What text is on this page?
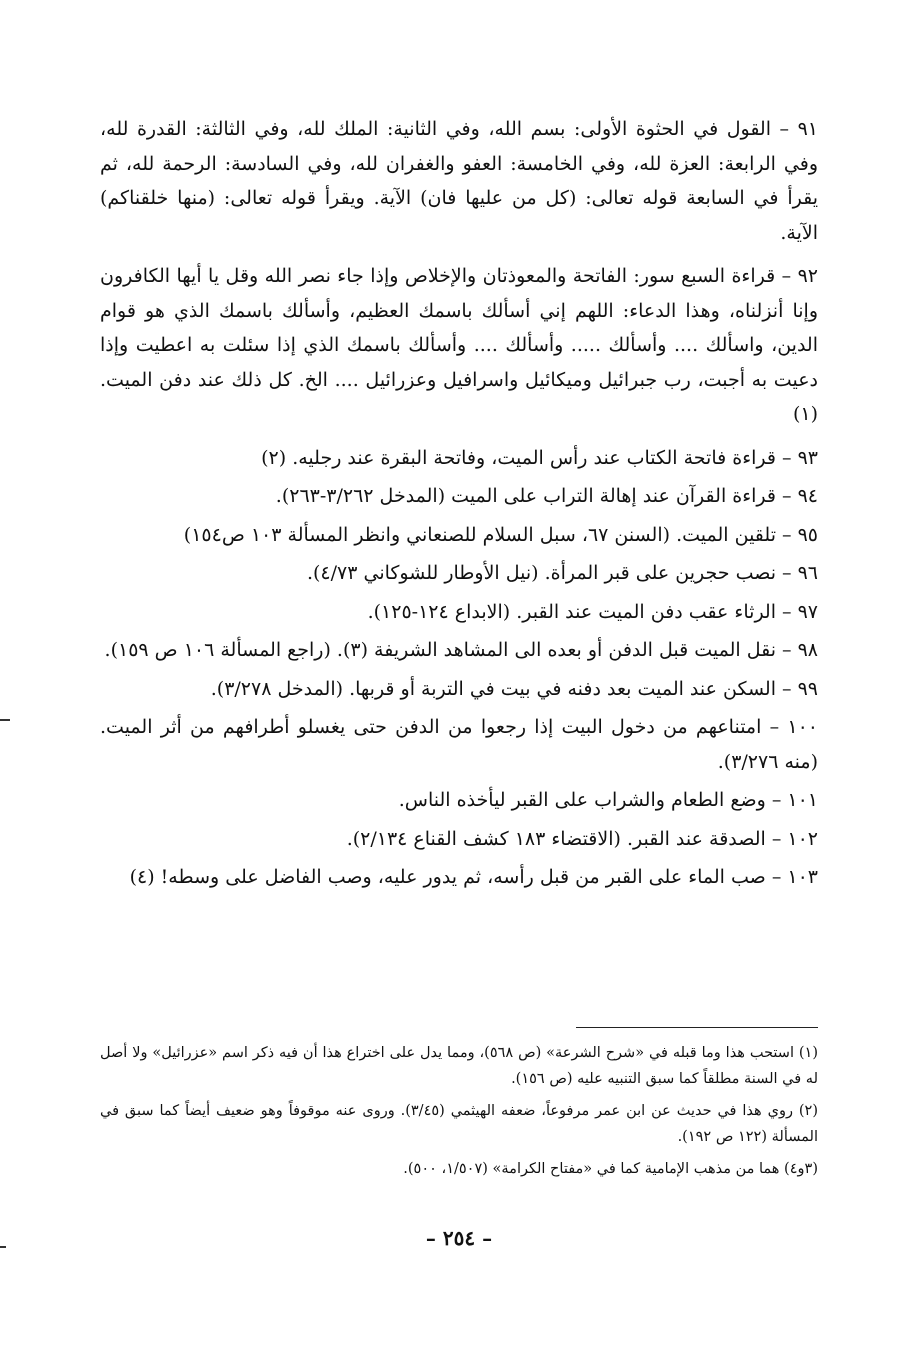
٩١ – القول في الحثوة الأولى: بسم الله، وفي الثانية: الملك لله، وفي الثالثة: القدرة لله، وفي الرابعة: العزة لله، وفي الخامسة: العفو والغفران لله، وفي السادسة: الرحمة لله، ثم يقرأ في السابعة قوله تعالى: (كل من عليها فان) الآية. ويقرأ قوله تعالى: (منها خلقناكم) الآية.

٩٢ – قراءة السبع سور: الفاتحة والمعوذتان والإخلاص وإذا جاء نصر الله وقل يا أيها الكافرون وإنا أنزلناه، وهذا الدعاء: اللهم إني أسألك باسمك العظيم، وأسألك باسمك الذي هو قوام الدين، واسألك .... وأسألك ..... وأسألك .... وأسألك باسمك الذي إذا سئلت به اعطيت وإذا دعيت به أجبت، رب جبرائيل وميكائيل واسرافيل وعزرائيل .... الخ. كل ذلك عند دفن الميت. (١)

٩٣ – قراءة فاتحة الكتاب عند رأس الميت، وفاتحة البقرة عند رجليه. (٢)

٩٤ – قراءة القرآن عند إهالة التراب على الميت (المدخل ٣/٢٦٢-٢٦٣).

٩٥ – تلقين الميت. (السنن ٦٧، سبل السلام للصنعاني وانظر المسألة ١٠٣ ص١٥٤)

٩٦ – نصب حجرين على قبر المرأة. (نيل الأوطار للشوكاني ٤/٧٣).

٩٧ – الرثاء عقب دفن الميت عند القبر. (الابداع ١٢٤-١٢٥).

٩٨ – نقل الميت قبل الدفن أو بعده الى المشاهد الشريفة (٣). (راجع المسألة ١٠٦ ص ١٥٩).

٩٩ – السكن عند الميت بعد دفنه في بيت في التربة أو قربها. (المدخل ٣/٢٧٨).

١٠٠ – امتناعهم من دخول البيت إذا رجعوا من الدفن حتى يغسلو أطرافهم من أثر الميت. (منه ٣/٢٧٦).

١٠١ – وضع الطعام والشراب على القبر ليأخذه الناس.

١٠٢ – الصدقة عند القبر. (الاقتضاء ١٨٣ كشف القناع ٢/١٣٤).

١٠٣ – صب الماء على القبر من قبل رأسه، ثم يدور عليه، وصب الفاضل على وسطه! (٤)

(١) استحب هذا وما قبله في «شرح الشرعة» (ص ٥٦٨)، ومما يدل على اختراع هذا أن فيه ذكر اسم «عزرائيل» ولا أصل له في السنة مطلقاً كما سبق التنبيه عليه (ص ١٥٦).

(٢) روي هذا في حديث عن ابن عمر مرفوعاً، ضعفه الهيثمي (٣/٤٥). وروى عنه موقوفاً وهو ضعيف أيضاً كما سبق في المسألة (١٢٢ ص ١٩٢).

(٣و٤) هما من مذهب الإمامية كما في «مفتاح الكرامة» (١/٥٠٧، ٥٠٠).

– ٢٥٤ –
